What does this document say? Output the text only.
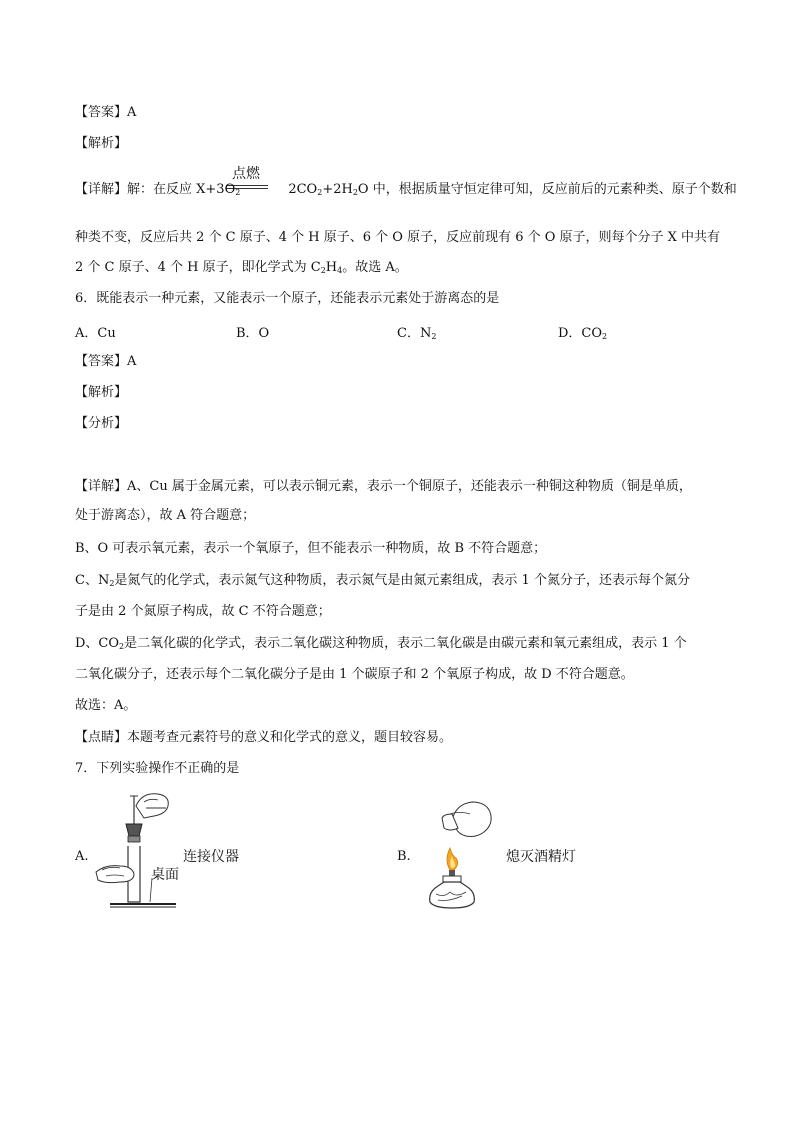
【答案】A
【解析】
点燃
【详解】解：在反应 $X+3O_2$	$2CO_2+2H_2O$ 中，根据质量守恒定律可知，反应前后的元素种类、原子个数和
种类不变，反应后共 2 个 C 原子、4 个 H 原子、6 个 O 原子，反应前现有 6 个 O 原子，则每个分子 X 中共有
2 个 C 原子、4 个 H 原子，即化学式为 $C_2H_4$。故选 A。
6．既能表示一种元素，又能表示一个原子，还能表示元素处于游离态的是
A．Cu	B．O	C．$N_2$	D．$CO_2$
【答案】A
【解析】
【分析】
【详解】A、Cu 属于金属元素，可以表示铜元素，表示一个铜原子，还能表示一种铜这种物质（铜是单质，
处于游离态），故 A 符合题意；
B、O 可表示氧元素，表示一个氧原子，但不能表示一种物质，故 B 不符合题意；
C、$N_2$是氮气的化学式，表示氮气这种物质，表示氮气是由氮元素组成，表示 1 个氮分子，还表示每个氮分
子是由 2 个氮原子构成，故 C 不符合题意；
D、$CO_2$是二氧化碳的化学式，表示二氧化碳这种物质，表示二氧化碳是由碳元素和氧元素组成，表示 1 个
二氧化碳分子，还表示每个二氧化碳分子是由 1 个碳原子和 2 个氧原子构成，故 D 不符合题意。
故选：A。
【点睛】本题考查元素符号的意义和化学式的意义，题目较容易。
7．下列实验操作不正确的是
A.	连接仪器
桌面
B.	熄灭酒精灯
